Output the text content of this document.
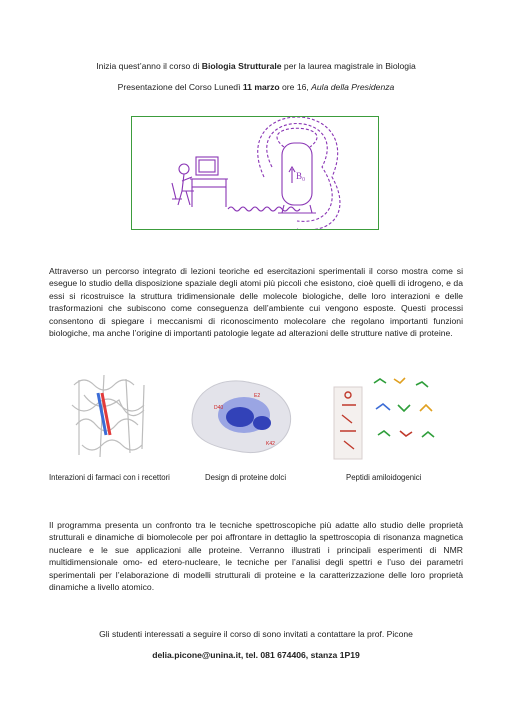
Inizia quest’anno il corso di Biologia Strutturale per la laurea magistrale in Biologia
Presentazione del Corso Lunedì 11 marzo ore 16, Aula della Presidenza
B₀
Attraverso un percorso integrato di lezioni teoriche ed esercitazioni sperimentali il corso mostra come si esegue lo studio della disposizione spaziale degli atomi più piccoli che esistono, cioè quelli di idrogeno, e da essi si ricostruisce la struttura tridimensionale delle molecole biologiche, delle loro interazioni e delle trasformazioni che subiscono come conseguenza dell’ambiente cui vengono esposte. Questi processi consentono di spiegare i meccanismi di riconoscimento molecolare che regolano importanti funzioni biologiche, ma anche l’origine di importanti patologie legate ad alterazioni delle strutture native di proteine.
E2
D40
K42
Interazioni di farmaci con i recettori	Design di proteine dolci	Peptidi amiloidogenici
Il programma presenta un confronto tra le tecniche spettroscopiche più adatte allo studio delle proprietà strutturali e dinamiche di biomolecole per poi affrontare in dettaglio la spettroscopia di risonanza magnetica nucleare e le sue applicazioni alle proteine. Verranno illustrati i principali esperimenti di NMR multidimensionale omo- ed etero-nucleare, le tecniche per l’analisi degli spettri e l’uso dei parametri sperimentali per l’elaborazione di modelli strutturali di proteine e la caratterizzazione delle loro proprietà dinamiche a livello atomico.
Gli studenti interessati a seguire il corso di sono invitati a contattare la prof. Picone
delia.picone@unina.it, tel. 081 674406, stanza 1P19
